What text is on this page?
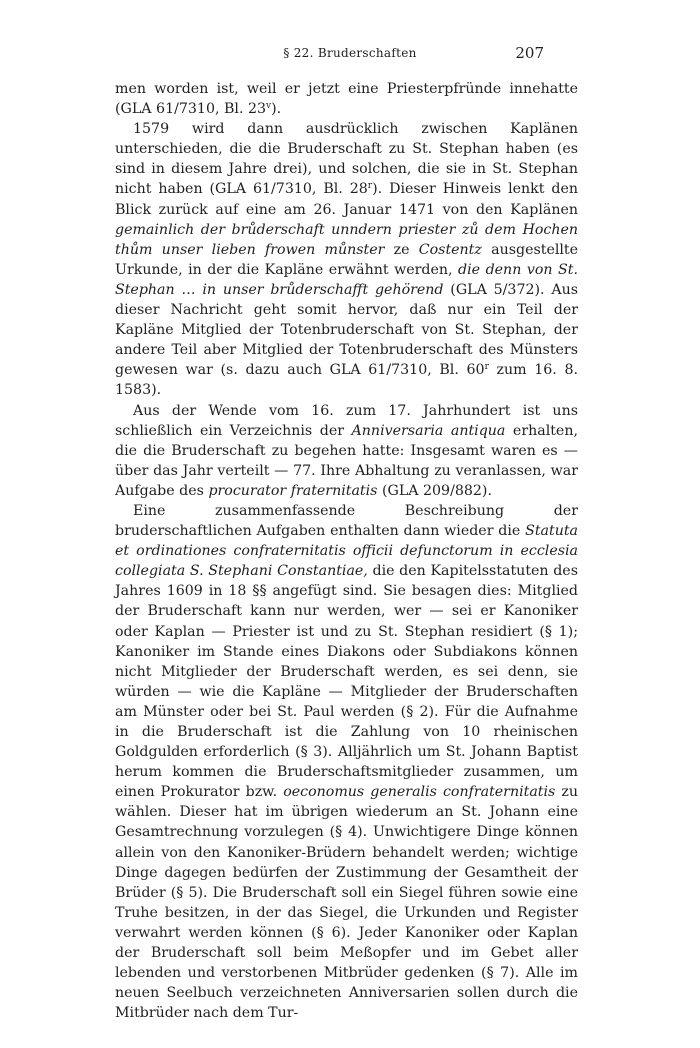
§ 22. Bruderschaften	207

men worden ist, weil er jetzt eine Priesterpfründe innehatte (GLA 61/7310, Bl. 23$^v$).

1579 wird dann ausdrücklich zwischen Kaplänen unterschieden, die die Bruderschaft zu St. Stephan haben (es sind in diesem Jahre drei), und solchen, die sie in St. Stephan nicht haben (GLA 61/7310, Bl. 28$^r$). Dieser Hinweis lenkt den Blick zurück auf eine am 26. Januar 1471 von den Kaplänen gemainlich der brůderschaft unndern priester zů dem Hochen thům unser lieben frowen můnster ze Costentz ausgestellte Urkunde, in der die Kapläne erwähnt werden, die denn von St. Stephan … in unser brůderschafft gehörend (GLA 5/372). Aus dieser Nachricht geht somit hervor, daß nur ein Teil der Kapläne Mitglied der Totenbruderschaft von St. Stephan, der andere Teil aber Mitglied der Totenbruderschaft des Münsters gewesen war (s. dazu auch GLA 61/7310, Bl. 60$^r$ zum 16. 8. 1583).

Aus der Wende vom 16. zum 17. Jahrhundert ist uns schließlich ein Verzeichnis der Anniversaria antiqua erhalten, die die Bruderschaft zu begehen hatte: Insgesamt waren es — über das Jahr verteilt — 77. Ihre Abhaltung zu veranlassen, war Aufgabe des procurator fraternitatis (GLA 209/882).

Eine zusammenfassende Beschreibung der bruderschaftlichen Aufgaben enthalten dann wieder die Statuta et ordinationes confraternitatis officii defunctorum in ecclesia collegiata S. Stephani Constantiae, die den Kapitelsstatuten des Jahres 1609 in 18 §§ angefügt sind. Sie besagen dies: Mitglied der Bruderschaft kann nur werden, wer — sei er Kanoniker oder Kaplan — Priester ist und zu St. Stephan residiert (§ 1); Kanoniker im Stande eines Diakons oder Subdiakons können nicht Mitglieder der Bruderschaft werden, es sei denn, sie würden — wie die Kapläne — Mitglieder der Bruderschaften am Münster oder bei St. Paul werden (§ 2). Für die Aufnahme in die Bruderschaft ist die Zahlung von 10 rheinischen Goldgulden erforderlich (§ 3). Alljährlich um St. Johann Baptist herum kommen die Bruderschaftsmitglieder zusammen, um einen Prokurator bzw. oeconomus generalis confraternitatis zu wählen. Dieser hat im übrigen wiederum an St. Johann eine Gesamtrechnung vorzulegen (§ 4). Unwichtigere Dinge können allein von den Kanoniker-Brüdern behandelt werden; wichtige Dinge dagegen bedürfen der Zustimmung der Gesamtheit der Brüder (§ 5). Die Bruderschaft soll ein Siegel führen sowie eine Truhe besitzen, in der das Siegel, die Urkunden und Register verwahrt werden können (§ 6). Jeder Kanoniker oder Kaplan der Bruderschaft soll beim Meßopfer und im Gebet aller lebenden und verstorbenen Mitbrüder gedenken (§ 7). Alle im neuen Seelbuch verzeichneten Anniversarien sollen durch die Mitbrüder nach dem Tur-
